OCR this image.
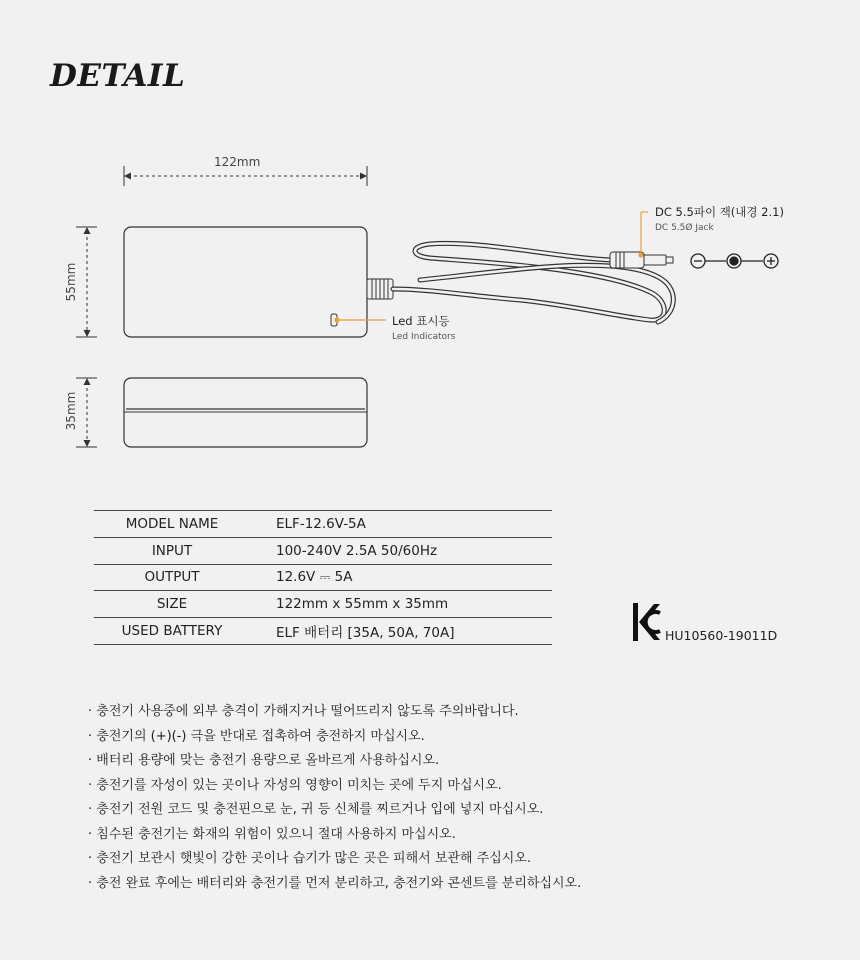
DETAIL
122mm
55mm
35mm
DC 5.5파이 잭(내경 2.1)
DC 5.5Ø Jack
Led 표시등
Led Indicators
MODEL NAME	ELF-12.6V-5A
INPUT	100-240V 2.5A 50/60Hz
OUTPUT	12.6V ⎓ 5A
SIZE	122mm x 55mm x 35mm
USED BATTERY	ELF 배터리 [35A, 50A, 70A]	HU10560-19011D
· 충전기 사용중에 외부 충격이 가해지거나 떨어뜨리지 않도록 주의바랍니다.
· 충전기의 (+)(-) 극을 반대로 접촉하여 충전하지 마십시오.
· 배터리 용량에 맞는 충전기 용량으로 올바르게 사용하십시오.
· 충전기를 자성이 있는 곳이나 자성의 영향이 미치는 곳에 두지 마십시오.
· 충전기 전원 코드 및 충전핀으로 눈, 귀 등 신체를 찌르거나 입에 넣지 마십시오.
· 침수된 충전기는 화재의 위험이 있으니 절대 사용하지 마십시오.
· 충전기 보관시 햇빛이 강한 곳이나 습기가 많은 곳은 피해서 보관해 주십시오.
· 충전 완료 후에는 배터리와 충전기를 먼저 분리하고, 충전기와 콘센트를 분리하십시오.
